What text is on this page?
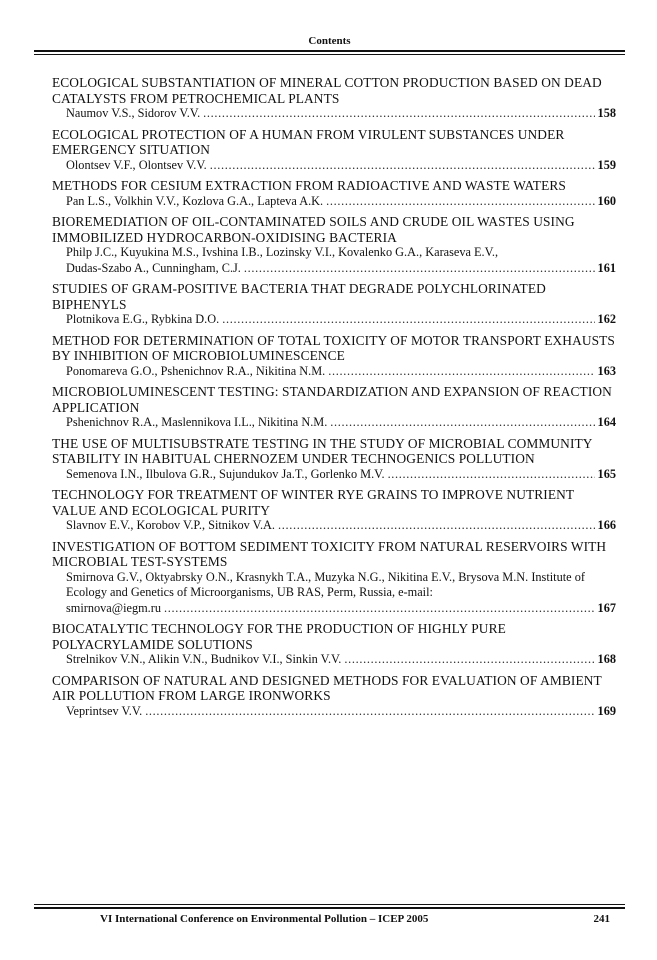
Contents
ECOLOGICAL SUBSTANTIATION OF MINERAL COTTON PRODUCTION BASED ON DEAD CATALYSTS FROM PETROCHEMICAL PLANTS
Naumov V.S., Sidorov V.V. . . .	158
ECOLOGICAL PROTECTION OF A HUMAN FROM VIRULENT SUBSTANCES UNDER EMERGENCY SITUATION
Olontsev V.F., Olontsev V.V. . . .	159
METHODS FOR CESIUM EXTRACTION FROM RADIOACTIVE AND WASTE WATERS
Pan L.S., Volkhin V.V., Kozlova G.A., Lapteva A.K. . . .	160
BIOREMEDIATION OF OIL-CONTAMINATED SOILS AND CRUDE OIL WASTES USING IMMOBILIZED HYDROCARBON-OXIDISING BACTERIA
Philp J.C., Kuyukina M.S., Ivshina I.B., Lozinsky V.I., Kovalenko G.A., Karaseva E.V.,
Dudas-Szabo A., Cunningham, C.J. . . .	161
STUDIES OF GRAM-POSITIVE BACTERIA THAT DEGRADE POLYCHLORINATED BIPHENYLS
Plotnikova E.G., Rybkina D.O. . . .	162
METHOD FOR DETERMINATION OF TOTAL TOXICITY OF MOTOR TRANSPORT EXHAUSTS BY INHIBITION OF MICROBIOLUMINESCENCE
Ponomareva G.O., Pshenichnov R.A., Nikitina N.M. . . .	163
MICROBIOLUMINESCENT TESTING: STANDARDIZATION AND EXPANSION OF REACTION APPLICATION
Pshenichnov R.A., Maslennikova I.L., Nikitina N.M. . . .	164
THE USE OF MULTISUBSTRATE TESTING IN THE STUDY OF MICROBIAL COMMUNITY STABILITY IN HABITUAL CHERNOZEM UNDER TECHNOGENICS POLLUTION
Semenova I.N., Ilbulova G.R., Sujundukov Ja.T., Gorlenko M.V. . . .	165
TECHNOLOGY FOR TREATMENT OF WINTER RYE GRAINS TO IMPROVE NUTRIENT VALUE AND ECOLOGICAL PURITY
Slavnov E.V., Korobov V.P., Sitnikov V.A. . . .	166
INVESTIGATION OF BOTTOM SEDIMENT TOXICITY FROM NATURAL RESERVOIRS WITH MICROBIAL TEST-SYSTEMS
Smirnova G.V., Oktyabrsky O.N., Krasnykh T.A., Muzyka N.G., Nikitina E.V., Brysova M.N. Institute of Ecology and Genetics of Microorganisms, UB RAS, Perm, Russia, e-mail:
smirnova@iegm.ru . . .	167
BIOCATALYTIC TECHNOLOGY FOR THE PRODUCTION OF HIGHLY PURE POLYACRYLAMIDE SOLUTIONS
Strelnikov V.N., Alikin V.N., Budnikov V.I., Sinkin V.V. . . .	168
COMPARISON OF NATURAL AND DESIGNED METHODS FOR EVALUATION OF AMBIENT AIR POLLUTION FROM LARGE IRONWORKS
Veprintsev V.V. . . .	169
VI International Conference on Environmental Pollution – ICEP 2005	241
